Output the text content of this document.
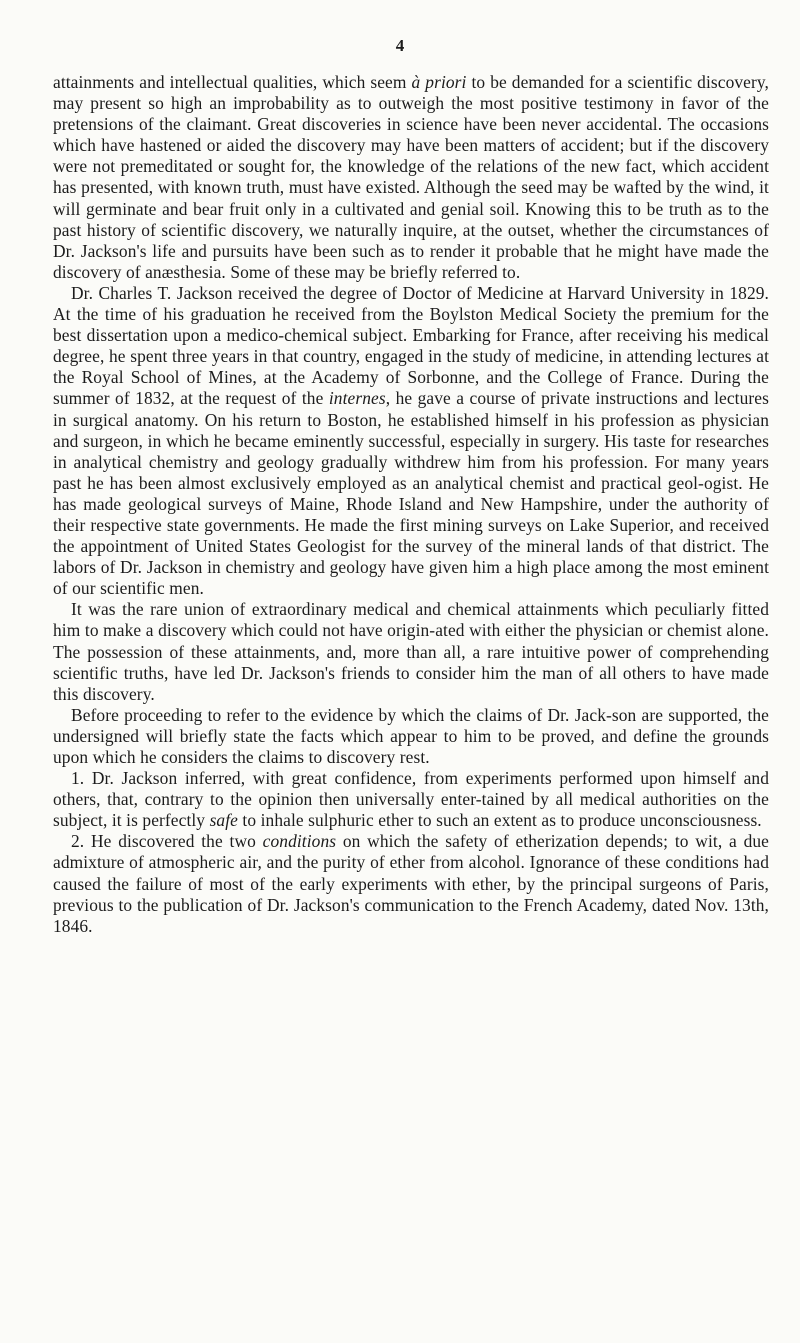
4

attainments and intellectual qualities, which seem à priori to be demanded for a scientific discovery, may present so high an improbability as to outweigh the most positive testimony in favor of the pretensions of the claimant. Great discoveries in science have been never accidental. The occasions which have hastened or aided the discovery may have been matters of accident; but if the discovery were not premeditated or sought for, the knowledge of the relations of the new fact, which accident has presented, with known truth, must have existed. Although the seed may be wafted by the wind, it will germinate and bear fruit only in a cultivated and genial soil. Knowing this to be truth as to the past history of scientific discovery, we naturally inquire, at the outset, whether the circumstances of Dr. Jackson's life and pursuits have been such as to render it probable that he might have made the discovery of anæsthesia. Some of these may be briefly referred to.

Dr. Charles T. Jackson received the degree of Doctor of Medicine at Harvard University in 1829. At the time of his graduation he received from the Boylston Medical Society the premium for the best dissertation upon a medico-chemical subject. Embarking for France, after receiving his medical degree, he spent three years in that country, engaged in the study of medicine, in attending lectures at the Royal School of Mines, at the Academy of Sorbonne, and the College of France. During the summer of 1832, at the request of the internes, he gave a course of private instructions and lectures in surgical anatomy. On his return to Boston, he established himself in his profession as physician and surgeon, in which he became eminently successful, especially in surgery. His taste for researches in analytical chemistry and geology gradually withdrew him from his profession. For many years past he has been almost exclusively employed as an analytical chemist and practical geol-ogist. He has made geological surveys of Maine, Rhode Island and New Hampshire, under the authority of their respective state governments. He made the first mining surveys on Lake Superior, and received the appointment of United States Geologist for the survey of the mineral lands of that district. The labors of Dr. Jackson in chemistry and geology have given him a high place among the most eminent of our scientific men.

It was the rare union of extraordinary medical and chemical attainments which peculiarly fitted him to make a discovery which could not have origin-ated with either the physician or chemist alone. The possession of these attainments, and, more than all, a rare intuitive power of comprehending scientific truths, have led Dr. Jackson's friends to consider him the man of all others to have made this discovery.

Before proceeding to refer to the evidence by which the claims of Dr. Jack-son are supported, the undersigned will briefly state the facts which appear to him to be proved, and define the grounds upon which he considers the claims to discovery rest.

1. Dr. Jackson inferred, with great confidence, from experiments performed upon himself and others, that, contrary to the opinion then universally enter-tained by all medical authorities on the subject, it is perfectly safe to inhale sulphuric ether to such an extent as to produce unconsciousness.

2. He discovered the two conditions on which the safety of etherization depends; to wit, a due admixture of atmospheric air, and the purity of ether from alcohol. Ignorance of these conditions had caused the failure of most of the early experiments with ether, by the principal surgeons of Paris, previous to the publication of Dr. Jackson's communication to the French Academy, dated Nov. 13th, 1846.
